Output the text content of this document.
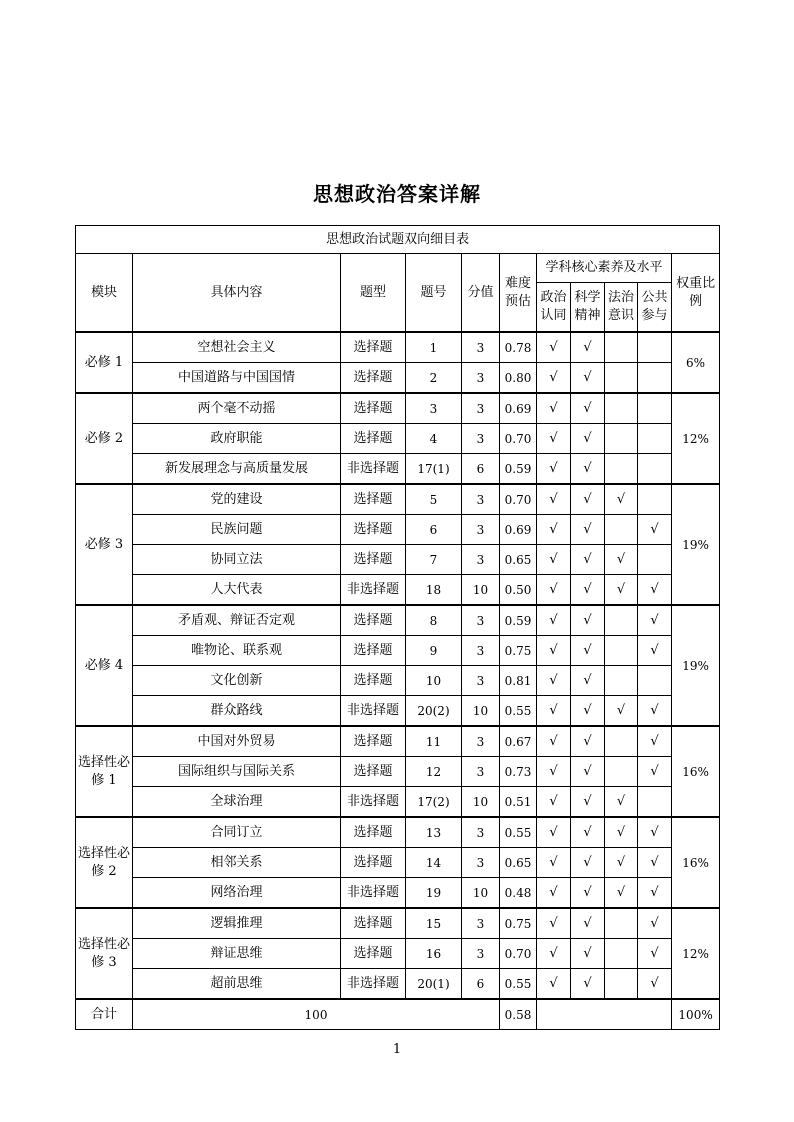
思想政治答案详解
思想政治试题双向细目表										
模块	具体内容	题型	题号	分值	难度预估	学科核心素养及水平				权重比例
						政治认同	科学精神	法治意识	公共参与	
必修 1	空想社会主义	选择题	1	3	0.78	√	√			6%
	中国道路与中国国情	选择题	2	3	0.80	√	√			
必修 2	两个毫不动摇	选择题	3	3	0.69	√	√			12%
	政府职能	选择题	4	3	0.70	√	√			
	新发展理念与高质量发展	非选择题	17(1)	6	0.59	√	√			
必修 3	党的建设	选择题	5	3	0.70	√	√	√		19%
	民族问题	选择题	6	3	0.69	√	√		√	
	协同立法	选择题	7	3	0.65	√	√	√		
	人大代表	非选择题	18	10	0.50	√	√	√	√	
必修 4	矛盾观、辩证否定观	选择题	8	3	0.59	√	√		√	19%
	唯物论、联系观	选择题	9	3	0.75	√	√		√	
	文化创新	选择题	10	3	0.81	√	√			
	群众路线	非选择题	20(2)	10	0.55	√	√	√	√	
选择性必修 1	中国对外贸易	选择题	11	3	0.67	√	√		√	16%
	国际组织与国际关系	选择题	12	3	0.73	√	√		√	
	全球治理	非选择题	17(2)	10	0.51	√	√	√		
选择性必修 2	合同订立	选择题	13	3	0.55	√	√	√	√	16%
	相邻关系	选择题	14	3	0.65	√	√	√	√	
	网络治理	非选择题	19	10	0.48	√	√	√	√	
选择性必修 3	逻辑推理	选择题	15	3	0.75	√	√		√	12%
	辩证思维	选择题	16	3	0.70	√	√		√	
	超前思维	非选择题	20(1)	6	0.55	√	√		√	
合计	100				0.58					100%
1
